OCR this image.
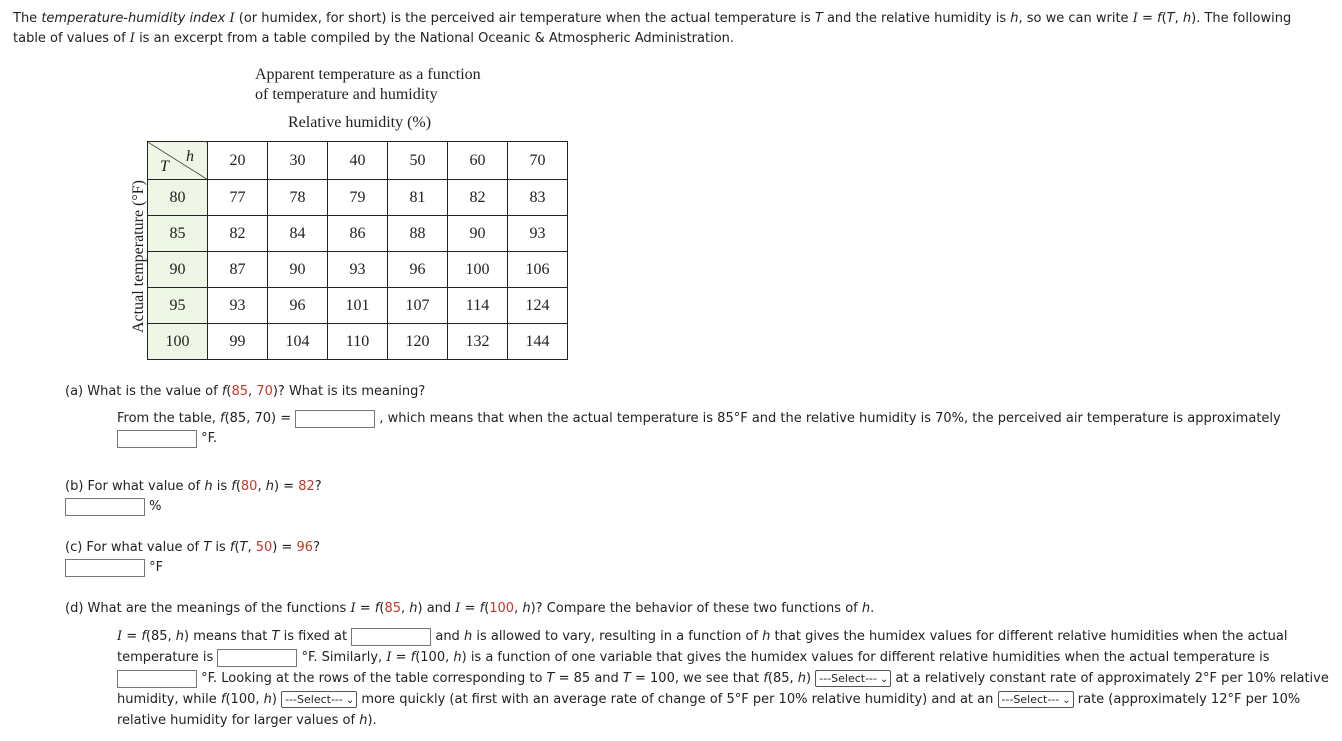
The temperature-humidity index I (or humidex, for short) is the perceived air temperature when the actual temperature is T and the relative humidity is h, so we can write I = f(T, h). The following table of values of I is an excerpt from a table compiled by the National Oceanic & Atmospheric Administration.

Apparent temperature as a function
of temperature and humidity
Relative humidity (%)
Actual temperature (°F)
h
T	20	30	40	50	60	70
80	77	78	79	81	82	83
85	82	84	86	88	90	93
90	87	90	93	96	100	106
95	93	96	101	107	114	124
100	99	104	110	120	132	144

(a) What is the value of f(85, 70)? What is its meaning?

From the table, f(85, 70) =	, which means that when the actual temperature is 85°F and the relative humidity is 70%, the perceived air temperature is approximately
°F.

(b) For what value of h is f(80, h) = 82?

%

(c) For what value of T is f(T, 50) = 96?

°F

(d) What are the meanings of the functions I = f(85, h) and I = f(100, h)? Compare the behavior of these two functions of h.

I = f(85, h) means that T is fixed at	and h is allowed to vary, resulting in a function of h that gives the humidex values for different relative humidities when the actual temperature is	°F. Similarly, I = f(100, h) is a function of one variable that gives the humidex values for different relative humidities when the actual temperature is  °F. Looking at the rows of the table corresponding to T = 85 and T = 100, we see that f(85, h) ---Select--- ⌄ at a relatively constant rate of approximately 2°F per 10% relative humidity, while f(100, h) ---Select--- ⌄ more quickly (at first with an average rate of change of 5°F per 10% relative humidity) and at an ---Select--- ⌄ rate (approximately 12°F per 10% relative humidity for larger values of h).
